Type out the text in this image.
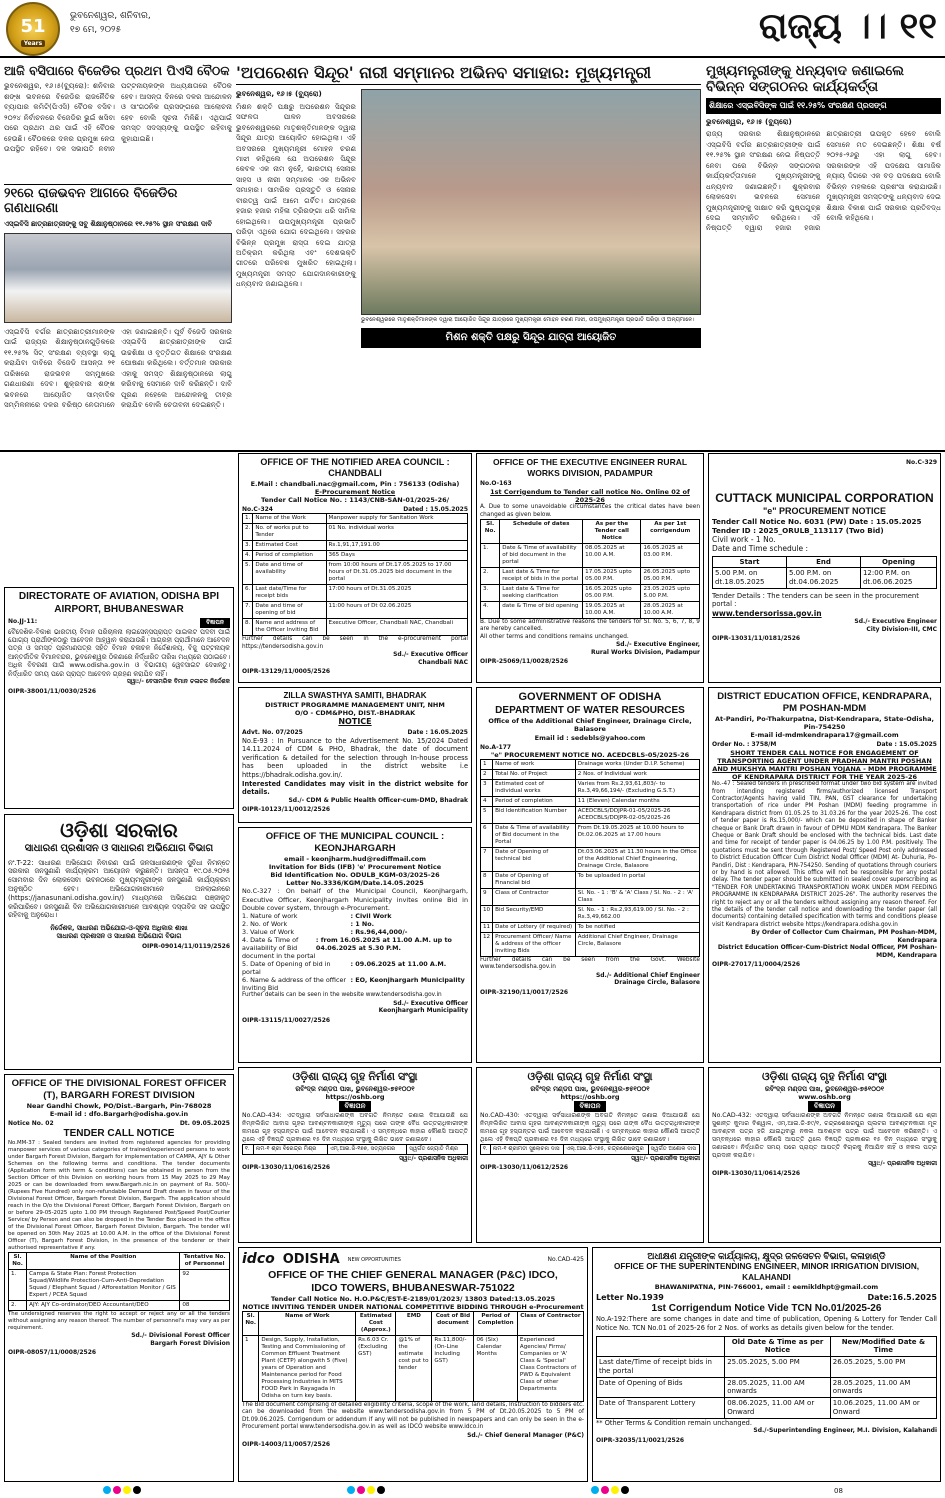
51
Years
ଭୁବନେଶ୍ୱର, ଶନିବାର,
୧୭ ମେ, ୨୦୨୫	ରାଜ୍ୟ ।। ୧୧
ଆଜି ବସିପାରେ ବିଜେଡିର ପ୍ରଥମ ପିଏସି ବୈଠକ

ଭୁବନେଶ୍ୱର, ୧୬।୫(ବ୍ୟୁରୋ): ଶନିବାର ଶଙ୍ଖ ଭବନରେ ବିଜେଡିର ରାଜନୈତିକ ବ୍ୟାପାର କମିଟି(ପିଏସି) ବୈଠକ ବସିବ। ୨୦୨୪ ନିର୍ବାଚନରେ ବିଜେଡିର ଭୁଇଁ ଖସିବା ପରେ ପ୍ରଥମ ଥର ପାଇଁ ଏହି ବୈଠକ ହେଉଛି। ବୈଠକରେ ଦଳର ପ୍ରମୁଖ ନେତା ଉପସ୍ଥିତ ରହିବେ। ଦଳ ସଭାପତି ନବୀନ ପଟ୍ଟନାୟକଙ୍କ ଅଧ୍ୟକ୍ଷତାରେ ବୈଠକ ହେବ। ଆସନ୍ତା ଦିନରେ ଦଳର ଆନ୍ଦୋଳନ ଓ ସାଂଗଠନିକ ପ୍ରସଙ୍ଗରେ ଆଲୋଚନା ହେବ ବୋଲି ସୂଚନା ମିଳିଛି। ଏଥିପାଇଁ ସମସ୍ତ ସଦସ୍ୟଙ୍କୁ ଉପସ୍ଥିତ ରହିବାକୁ କୁହାଯାଇଛି।

୨୧ରେ ରାଜଭବନ ଆଗରେ ବିଜେଡିର ଗଣଧାରଣା

ଏସ୍‌ଇବିସି ଛାତ୍ରଛାତ୍ରୀଙ୍କୁ ସବୁ ଶିକ୍ଷାନୁଷ୍ଠାନରେ ୧୧.୨୫% ସ୍ଥାନ ସଂରକ୍ଷଣ ଦାବି

ଏସ୍‌ଇବିସି ବର୍ଗର ଛାତ୍ରଛାତ୍ରୀମାନଙ୍କ ପାଇଁ ରାଜ୍ୟର ଶିକ୍ଷାନୁଷ୍ଠାନଗୁଡ଼ିକରେ ୧୧.୨୫% ସିଟ୍ ସଂରକ୍ଷଣ ବ୍ୟବସ୍ଥା ଲାଗୁ କରାଯିବା ଦାବିରେ ବିଜେଡି ଆସନ୍ତା ୨୧ ତାରିଖରେ ରାଜଭବନ ସମ୍ମୁଖରେ ଗଣଧାରଣା ଦେବ। ଶୁକ୍ରବାର ଶଙ୍ଖ ଭବନରେ ଆୟୋଜିତ ସାମ୍ବାଦିକ ସମ୍ମିଳନୀରେ ଦଳର ବରିଷ୍ଠ ନେତାମାନେ ଏହା ଜଣାଇଛନ୍ତି। ପୂର୍ବ ବିଜେଡି ସରକାର ଏସ୍‌ଇବିସି ଛାତ୍ରଛାତ୍ରୀଙ୍କ ପାଇଁ ଉଚ୍ଚଶିକ୍ଷା ଓ ବୃତ୍ତିଗତ ଶିକ୍ଷାରେ ସଂରକ୍ଷଣ ଘୋଷଣା କରିଥିଲେ। ବର୍ତ୍ତମାନ ସରକାର ଏହାକୁ ସମସ୍ତ ଶିକ୍ଷାନୁଷ୍ଠାନରେ ଲାଗୁ କରିବାକୁ ସେମାନେ ଦାବି କରିଛନ୍ତି। ଦାବି ପୂରଣ ନହେଲେ ଆନ୍ଦୋଳନକୁ ତୀବ୍ର କରାଯିବ ବୋଲି ଚେତାବନୀ ଦେଇଛନ୍ତି।

'ଅପରେଶନ ସିନ୍ଦୂର' ନାରୀ ସମ୍ମାନର ଅଭିନବ ସମାହାର: ମୁଖ୍ୟମନ୍ତ୍ରୀ

ଭୁବନେଶ୍ୱର, ୧୬।୫ (ବ୍ୟୁରୋ)

ମିଶନ ଶକ୍ତି ପକ୍ଷରୁ ଅପରେଶନ ସିନ୍ଦୂରର ସଫଳତା ପାଳନ ଅବସରରେ ଭୁବନେଶ୍ୱରରେ ମାତୃଶକ୍ତିମାନଙ୍କ ଦ୍ୱାରା ସିନ୍ଦୂର ଯାତ୍ରା ଆୟୋଜିତ ହୋଇଥିଲା। ଏହି ଅବସରରେ ମୁଖ୍ୟମନ୍ତ୍ରୀ ମୋହନ ଚରଣ ମାଝୀ କହିଥିଲେ ଯେ ଅପରେଶନ ସିନ୍ଦୂର କେବଳ ଏକ ନାମ ନୁହେଁ, ଭାରତୀୟ ସେନାର ସାହସ ଓ ନାରୀ ସମ୍ମାନର ଏକ ଅଭିନବ ସମାହାର। ସାମରିକ ପ୍ରସ୍ତୁତି ଓ ସେନାର ବୀରତ୍ୱ ପାଇଁ ଆମେ ଗର୍ବିତ। ଯାତ୍ରାରେ ହଜାର ହଜାର ମହିଳା ତ୍ରିରଙ୍ଗା ଧରି ସାମିଲ ହୋଇଥିଲେ। ଉପମୁଖ୍ୟମନ୍ତ୍ରୀ ପ୍ରଭାତି ପରିଡ଼ା ଏଥିରେ ଯୋଗ ଦେଇଥିଲେ। ସହରର ବିଭିନ୍ନ ପ୍ରମୁଖ ରାସ୍ତା ଦେଇ ଯାତ୍ରା ଅତିକ୍ରମ କରିଥିଲା ଏବଂ ଦେଶଭକ୍ତି ଗୀତରେ ପରିବେଶ ମୁଖରିତ ହୋଇଥିଲା। ମୁଖ୍ୟମନ୍ତ୍ରୀ ସମସ୍ତ ଯୋଗଦାନକାରୀଙ୍କୁ ଧନ୍ୟବାଦ ଜଣାଇଥିଲେ।

ଭୁବନେଶ୍ୱରରେ ମାତୃଶକ୍ତିମାନଙ୍କ ଦ୍ୱାରା ଆୟୋଜିତ ସିନ୍ଦୂର ଯାତ୍ରାରେ ମୁଖ୍ୟମନ୍ତ୍ରୀ ମୋହନ ଚରଣ ମାଝୀ, ଉପମୁଖ୍ୟମନ୍ତ୍ରୀ ପ୍ରଭାତି ପରିଡ଼ା ଓ ଅନ୍ୟମାନେ।

ମିଶନ ଶକ୍ତି ପକ୍ଷରୁ ସିନ୍ଦୂର ଯାତ୍ରା ଆୟୋଜିତ
ମୁଖ୍ୟମନ୍ତ୍ରୀଙ୍କୁ ଧନ୍ୟବାଦ ଜଣାଇଲେ ବିଭିନ୍ନ ସଙ୍ଗଠନର କାର୍ଯ୍ୟକର୍ତ୍ତା
ଶିକ୍ଷାରେ ଏସ୍‌ଇବିସିଙ୍କ ପାଇଁ ୧୧.୨୫% ସଂରକ୍ଷଣ ପ୍ରସଙ୍ଗ

ଭୁବନେଶ୍ୱର, ୧୬।୫ (ବ୍ୟୁରୋ)

ରାଜ୍ୟ ସରକାର ଶିକ୍ଷାନୁଷ୍ଠାନରେ ଏସ୍‌ଇବିସି ବର୍ଗର ଛାତ୍ରଛାତ୍ରୀଙ୍କ ପାଇଁ ୧୧.୨୫% ସ୍ଥାନ ସଂରକ୍ଷଣ ନେଇ ନିଷ୍ପତ୍ତି ନେବା ପରେ ବିଭିନ୍ନ ସଙ୍ଗଠନର କାର୍ଯ୍ୟକର୍ତ୍ତାମାନେ ମୁଖ୍ୟମନ୍ତ୍ରୀଙ୍କୁ ଧନ୍ୟବାଦ ଜଣାଇଛନ୍ତି। ଶୁକ୍ରବାର ଲୋକସେବା ଭବନରେ ସେମାନେ ମୁଖ୍ୟମନ୍ତ୍ରୀଙ୍କୁ ସାକ୍ଷାତ କରି ପୁଷ୍ପଗୁଚ୍ଛ ଦେଇ ସମ୍ମାନିତ କରିଥିଲେ। ଏହି ନିଷ୍ପତ୍ତି ଦ୍ୱାରା ହଜାର ହଜାର ଛାତ୍ରଛାତ୍ରୀ ଉପକୃତ ହେବେ ବୋଲି ସେମାନେ ମତ ଦେଇଛନ୍ତି। ଶିକ୍ଷା ବର୍ଷ ୨୦୨୫-୨୬ରୁ ଏହା ଲାଗୁ ହେବ। ସରକାରଙ୍କ ଏହି ପଦକ୍ଷେପ ସାମାଜିକ ନ୍ୟାୟ ଦିଗରେ ଏକ ବଡ଼ ପଦକ୍ଷେପ ବୋଲି ବିଭିନ୍ନ ମହଲରେ ପ୍ରଶଂସା କରାଯାଉଛି। ମୁଖ୍ୟମନ୍ତ୍ରୀ ସମସ୍ତଙ୍କୁ ଧନ୍ୟବାଦ ଦେଇ ଶିକ୍ଷାର ବିକାଶ ପାଇଁ ସରକାର ପ୍ରତିବଦ୍ଧ ବୋଲି କହିଥିଲେ।

OFFICE OF THE NOTIFIED AREA COUNCIL : CHANDBALI
E.Mail : chandbali.nac@gmail.com, Pin : 756133 (Odisha)
E-Procurement Notice
Tender Call Notice No. : 1143/CNB-SAN-01/2025-26/
No.C-324	Dated : 15.05.2025
1.	Name of the Work	Manpower supply for Sanitation Work
2.	No. of works put to Tender	01 No. individual works
3.	Estimated Cost	Rs.1,91,17,191.00
4.	Period of completion	365 Days
5.	Date and time of availability	from 10:00 hours of Dt.17.05.2025 to 17.00 hours of Dt.31.05.2025 bid document in the portal
6.	Last date/Time for receipt bids	17:00 hours of Dt.31.05.2025
7.	Date and time of opening of bid	11:00 hours of Dt 02.06.2025
8.	Name and address of the Officer Inviting Bid	Executive Officer, Chandbali NAC, Chandbali
Further details can be seen in the e-procurement portal https://tendersodisha.gov.in
Sd./- Executive Officer
Chandbali NAC
OIPR-13129/11/0005/2526
OFFICE OF THE EXECUTIVE ENGINEER RURAL WORKS DIVISION, PADAMPUR
No.O-163
1st Corrigendum to Tender call notice No. Online 02 of 2025-26
A. Due to some unavoidable circumstances the critical dates have been changed as given below.
Sl. No.	Schedule of dates	As per the Tender call Notice	As per 1st corrigendum
1.	Date & Time of availability of bid document in the portal	08.05.2025 at 10.00 A.M.	16.05.2025 at 03.00 P.M.
2.	Last date & Time for receipt of bids in the portal	17.05.2025 upto 05.00 P.M.	26.05.2025 upto 05.00 P.M.
3.	Last date & Time for seeking clarification	16.05.2025 upto 05.00 P.M.	23.05.2025 upto 5.00 P.M.
4.	date & Time of bid opening	19.05.2025 at 10.00 A.M.	28.05.2025 at 10.00 A.M.
B. Due to some administrative reasons the tenders for Sl. No. 5, 6, 7, 8, 9 are hereby cancelled.
All other terms and conditions remains unchanged.
Sd./- Executive Engineer,
Rural Works Division, Padampur
OIPR-25069/11/0028/2526
No.C-329
CUTTACK MUNICIPAL CORPORATION
"e" PROCUREMENT NOTICE
Tender Call Notice No. 6031 (PW) Date : 15.05.2025
Tender ID : 2025_ORULB_113117 (Two Bid)
Civil work - 1 No.
Date and Time schedule :
Start	End	Opening
5.00 P.M. on dt.18.05.2025	5.00 P.M. on dt.04.06.2025	12:00 P.M. on dt.06.06.2025
Tender Details : The tenders can be seen in the procurement portal :
www.tendersorissa.gov.in
Sd./- Executive Engineer
City Division-III, CMC
OIPR-13031/11/0181/2526
DIRECTORATE OF AVIATION, ODISHA BPI AIRPORT, BHUBANESWAR
No.JJ-11:	ବିଜ୍ଞାପନ
ବୈଦେଶିକ-ବିକାଶ ଭାରତୀୟ ବିମାନ ପରିଚାଳନା ଲାଇସେନ୍ସପ୍ରାପ୍ତ ପାଇଲଟ ପଦବୀ ପାଇଁ ଯୋଗ୍ୟ ପ୍ରାର୍ଥୀଙ୍କଠାରୁ ଆବେଦନ ଆହ୍ୱାନ କରାଯାଉଛି। ଆଗ୍ରହୀ ପ୍ରାର୍ଥୀମାନେ ଆବେଦନ ପତ୍ର ଓ ସମସ୍ତ ପ୍ରମାଣପତ୍ର ସହିତ ବିମାନ ଚଳାଚଳ ନିର୍ଦ୍ଦେଶାଳୟ, ବିଜୁ ପଟ୍ଟନାୟକ ଆନ୍ତର୍ଜାତିକ ବିମାନବନ୍ଦର, ଭୁବନେଶ୍ୱର ଠିକଣାରେ ନିର୍ଦ୍ଧାରିତ ତାରିଖ ମଧ୍ୟରେ ପଠାଇବେ। ଅଧିକ ବିବରଣୀ ପାଇଁ www.odisha.gov.in ଓ ବିଭାଗୀୟ ୱେବସାଇଟ ଦେଖନ୍ତୁ। ନିର୍ଦ୍ଧାରିତ ସମୟ ପରେ ପ୍ରାପ୍ତ ଆବେଦନ ଗ୍ରହଣ କରାଯିବ ନାହିଁ।
ସ୍ୱା:/- ବେସାମରିକ ବିମାନ ଚଳାଚଳ ନିର୍ଦ୍ଦେଶକ
OIPR-38001/11/0030/2526
ଓଡ଼ିଶା ସରକାର
ସାଧାରଣ ପ୍ରଶାସନ ଓ ସାଧାରଣ ଅଭିଯୋଗ ବିଭାଗ
ନଂ.T-22: ସାଧାରଣ ଅଭିଯୋଗ ନିବାରଣ ପାଇଁ ଜନସାଧାରଣଙ୍କ ସୁବିଧା ନିମନ୍ତେ ସରକାର ଜନସୁଣାଣି କାର୍ଯ୍ୟକ୍ରମ ଆୟୋଜନ କରୁଛନ୍ତି। ଆସନ୍ତା ୧୯.୦୫.୨୦୨୫ ସୋମବାର ଦିନ ଲୋକସେବା ଭବନଠାରେ ମୁଖ୍ୟମନ୍ତ୍ରୀଙ୍କ ଜନସୁଣାଣି କାର୍ଯ୍ୟକ୍ରମ ଅନୁଷ୍ଠିତ ହେବ। ଅଭିଯୋଗକାରୀମାନେ ଅନଲାଇନରେ (https://janasunani.odisha.gov.in/) ମାଧ୍ୟମରେ ଅଭିଯୋଗ ପଞ୍ଜୀକୃତ କରିପାରିବେ। ଜନସୁଣାଣି ଦିନ ଅଭିଯୋଗକାରୀମାନେ ଆବଶ୍ୟକ ଦସ୍ତାବିଜ ସହ ଉପସ୍ଥିତ ରହିବାକୁ ଅନୁରୋଧ।
ନିର୍ଦ୍ଦେଶକ, ସାଧାରଣ ଅଭିଯୋଗ-ଓ-ସୂଚନା ଅଧିକାର ଶାଖା
ସାଧାରଣ ପ୍ରଶାସନ ଓ ସାଧାରଣ ଅଭିଯୋଗ ବିଭାଗ
OIPR-09014/11/0119/2526
OFFICE OF THE DIVISIONAL FOREST OFFICER (T), BARGARH FOREST DIVISION
Near Gandhi Chowk, PO/Dist.-Bargarh, Pin-768028
E-mail id : dfo.Bargarh@odisha.gov.in
Notice No. 02	Dt. 09.05.2025
TENDER CALL NOTICE
No.MM-37 : Sealed tenders are invited from registered agencies for providing manpower services of various categories of trained/experienced persons to work under Bargarh Forest Division, Bargarh for implementation of CAMPA, AJY & Other Schemes on the following terms and conditions. The tender documents (Application form with term & conditions) can be obtained in person from the Section Officer of this Division on working hours from 15 May 2025 to 29 May 2025 or can be downloaded from www.Bargarh.nic.in on payment of Rs. 500/- (Rupees Five Hundred) only non-refundable Demand Draft drawn in favour of the Divisional Forest Officer, Bargarh Forest Division, Bargarh. The application should reach in the O/o the Divisional Forest Officer, Bargarh Forest Division, Bargarh on or before 29-05-2025 upto 1.00 PM through Registered Post/Speed Post/Courier Service/ by Person and can also be dropped in the Tender Box placed in the office of the Divisional Forest Officer, Bargarh Forest Division, Bargarh. The tender will be opened on 30th May 2025 at 10.00 A.M. in the office of the Divisional Forest Officer (T), Bargarh Forest Division, in the presence of the tenderer or their authorised representative if any.
Sl. No.	Name of the Position	Tentative No. of Personnel
1.	Campa & State Plan: Forest Protection Squad/Wildlife Protection-Cum-Anti-Depredation Squad / Elephant Squad / Afforestation Monitor / GIS Expert / PCEA Squad	92
2.	AJY: AJY Co-ordinator/DEO Accountant/DEO	08
The undersigned reserves the right to accept or reject any or all the tenders without assigning any reason thereof. The number of personnel's may vary as per requirement.
Sd./- Divisional Forest Officer
Bargarh Forest Division
OIPR-08057/11/0008/2526
ZILLA SWASTHYA SAMITI, BHADRAK
DISTRICT PROGRAMME MANAGEMENT UNIT, NHM
O/O - CDM&PHO, DIST.-BHADRAK
NOTICE
Advt. No. 07/2025	Date : 16.05.2025
No.E-93 : In Pursuance to the Advertisement No. 15/2024 Dated 14.11.2024 of CDM & PHO, Bhadrak, the date of document verification & detailed for the selection through In-house process has been uploaded in the district website i.e https://bhadrak.odisha.gov.in/.
Interested Candidates may visit in the district website for details.
Sd./- CDM & Public Health Officer-cum-DMD, Bhadrak
OIPR-10123/11/0012/2526
OFFICE OF THE MUNICIPAL COUNCIL : KEONJHARGARH
email - keonjharm.hud@rediffmail.com
Invitation for Bids (IFB) 'e' Procurement Notice
Bid Identification No. ODULB_KGM-03/2025-26
Letter No.3336/KGM/Date.14.05.2025
No.C-327 : On behalf of the Municipal Council, Keonjhargarh, Executive Officer, Keonjhargarh Municipality invites online Bid in Double cover system, through e-Procurement.
1. Nature of work	: Civil Work
2. No. of Work	: 1 No.
3. Value of Work	: Rs.96,44,000/-
4. Date & Time of availability of Bid document in the portal
: from 16.05.2025 at 11.00 A.M. up to 04.06.2025 at 5.30 P.M.
5. Date of Opening of bid in portal
: 09.06.2025 at 11.00 A.M.
6. Name & address of the officer Inviting Bid
: EO, Keonjhargarh Municipality
Further details can be seen in the website www.tendersodisha.gov.in
Sd./- Executive Officer
Keonjhargarh Municipality
OIPR-13115/11/0027/2526
GOVERNMENT OF ODISHA
DEPARTMENT OF WATER RESOURCES
Office of the Additional Chief Engineer, Drainage Circle, Balasore
Email id : sedebls@yahoo.com
No.A-177
"e" PROCUREMENT NOTICE NO. ACEDCBLS-05/2025-26
1	Name of work	Drainage works (Under D.I.P. Scheme)
2	Total No. of Project	2 Nos. of Individual work
3	Estimated cost of individual works	Varies from Rs.2,93,61,803/- to Rs.3,49,66,194/- (Excluding G.S.T.)
4	Period of completion	11 (Eleven) Calendar months
5	Bid Identification Number	ACEDCBLS/DDJPR-01-05/2025-26 ACEDCBLS/DDJPR-02-05/2025-26
6	Date & Time of availability of Bid document in the Portal	From Dt.19.05.2025 at 10.00 hours to Dt.02.06.2025 at 17.00 hours
7	Date of Opening of technical bid	Dt.03.06.2025 at 11.30 hours in the Office of the Additional Chief Engineering, Drainage Circle, Balasore
8	Date of Opening of Financial bid	To be uploaded in portal
9	Class of Contractor	Sl. No. - 1 : 'B' & 'A' Class / Sl. No. - 2 : 'A' Class
10	Bid Security/EMD	Sl. No. - 1 : Rs.2,93,619.00 / Sl. No. - 2 : Rs.3,49,662.00
11	Date of Lottery (if required)	To be notified
12	Procurement Officer/ Name & address of the officer inviting Bids	Additional Chief Engineer, Drainage Circle, Balasore
Further details can be seen from the Govt. Website www.tendersodisha.gov.in
Sd./- Additional Chief Engineer
Drainage Circle, Balasore
OIPR-32190/11/0017/2526
DISTRICT EDUCATION OFFICE, KENDRAPARA, PM POSHAN-MDM
At-Pandiri, Po-Thakurpatna, Dist-Kendrapara, State-Odisha, Pin-754250
E-mail id-mdmkendrapara17@gmail.com
Order No. : 3758/M	Date : 15.05.2025
SHORT TENDER CALL NOTICE FOR ENGAGEMENT OF TRANSPORTING AGENT UNDER PRADHAN MANTRI POSHAN AND MUKSHYA MANTRI POSHAN YOJANA - MDM PROGRAMME OF KENDRAPARA DISTRICT FOR THE YEAR 2025-26
No.-47 : Sealed tenders in prescribed format under two bid system are invited from intending registered firms/authorized licensed Transport Contractor/Agents having valid TIN, PAN, GST clearance for undertaking transportation of rice under PM Poshan (MDM) feeding programme in Kendrapara district from 01.05.25 to 31.03.26 for the year 2025-26. The cost of tender paper is Rs.15,000/- which can be deposited in shape of Banker cheque or Bank Draft drawn in favour of DPMU MDM Kendrapara. The Banker Cheque or Bank Draft should be enclosed with the technical bids. Last date and time for receipt of tender paper is 04.06.25 by 1.00 P.M. positively. The quotations must be sent through Registered Post/ Speed Post only addressed to District Education Officer Cum District Nodal Officer (MDM) At- Duhuria, Po-Pandiri, Dist : Kendrapara, PIN-754250. Sending of quotations through couriers or by hand is not allowed. This office will not be responsible for any postal delay. The tender paper should be submitted in sealed cover superscribing as "TENDER FOR UNDERTAKING TRANSPORTATION WORK UNDER MDM FEEDING PROGRAMME IN KENDRAPARA DISTRICT 2025-26". The authority reserves the right to reject any or all the tenders without assigning any reason thereof. For the details of the tender call notice and downloading the tender paper (all documents) containing detailed specification with terms and conditions please visit Kendrapara district website https://kendrapara.odisha.gov.in
By Order of Collector Cum Chairman, PM Poshan-MDM, Kendrapara
District Education Officer-Cum-District Nodal Officer, PM Poshan-MDM, Kendrapara
OIPR-27017/11/0004/2526
ଓଡ଼ିଶା ରାଜ୍ୟ ଗୃହ ନିର୍ମାଣ ସଂସ୍ଥା
ରବିଂଦ୍ର ମଣ୍ଡପ ପାଖ, ଭୁବନେଶ୍ୱର-୭୫୧୦୦୧
https://oshb.org
ବିଜ୍ଞାପନ
No.CAD-434: ଏତଦ୍ୱାରା ସର୍ବସାଧାରଣଙ୍କ ଅବଗତି ନିମନ୍ତେ ଜଣାଇ ଦିଆଯାଉଛି ଯେ ନିମ୍ନଲିଖିତ ଆବାସ ଗୃହର ଆବଣ୍ଟନକାରୀଙ୍କ ମୃତ୍ୟୁ ପରେ ତାଙ୍କ ବୈଧ ଉତ୍ତରାଧିକାରୀଙ୍କ ନାମରେ ଗୃହ ହସ୍ତାନ୍ତର ପାଇଁ ଆବେଦନ କରାଯାଇଛି। ଏ ସମ୍ବନ୍ଧରେ କାହାର କୌଣସି ଆପତ୍ତି ଥିଲେ ଏହି ବିଜ୍ଞପ୍ତି ପ୍ରକାଶର ୧୫ ଦିନ ମଧ୍ୟରେ ସଂସ୍ଥାକୁ ଲିଖିତ ଭାବେ ଜଣାଇବେ।
୧.	ନାମ-୧ ଶ୍ରୀ ବିରେନ୍ଦ୍ର ମିଶ୍ର	ଏମ୍‌.ଆଇ.ଜି-୧୭୭, ସତ୍ୟନଗର	ସ୍ୱର୍ଗତ ଜ୍ୟୋତି ମିଶ୍ର
ସ୍ୱା:/- ପ୍ରଶାସନିକ ଅଧିକାରୀ
OIPR-13030/11/0616/2526
ଓଡ଼ିଶା ରାଜ୍ୟ ଗୃହ ନିର୍ମାଣ ସଂସ୍ଥା
ରବିଂଦ୍ର ମଣ୍ଡପ ପାଖ, ଭୁବନେଶ୍ୱର-୭୫୧୦୦୧
https://oshb.org
ବିଜ୍ଞାପନ
No.CAD-430: ଏତଦ୍ୱାରା ସର୍ବସାଧାରଣଙ୍କ ଅବଗତି ନିମନ୍ତେ ଜଣାଇ ଦିଆଯାଉଛି ଯେ ନିମ୍ନଲିଖିତ ଆବାସ ଗୃହର ଆବଣ୍ଟନକାରୀଙ୍କ ମୃତ୍ୟୁ ପରେ ତାଙ୍କ ବୈଧ ଉତ୍ତରାଧିକାରୀଙ୍କ ନାମରେ ଗୃହ ହସ୍ତାନ୍ତର ପାଇଁ ଆବେଦନ କରାଯାଇଛି। ଏ ସମ୍ବନ୍ଧରେ କାହାର କୌଣସି ଆପତ୍ତି ଥିଲେ ଏହି ବିଜ୍ଞପ୍ତି ପ୍ରକାଶର ୧୫ ଦିନ ମଧ୍ୟରେ ସଂସ୍ଥାକୁ ଲିଖିତ ଭାବେ ଜଣାଇବେ।
୧.	ନାମ-୧ ଶ୍ରୀମତୀ ସୁଲୋଚନା ଦାସ	ଏଲ୍‌.ଆଇ.ଜି-୯୭୫, ଚନ୍ଦ୍ରଶେଖରପୁର	ସ୍ୱର୍ଗତ ଅଶୋକ ଦାସ
ସ୍ୱା:/- ପ୍ରଶାସନିକ ଅଧିକାରୀ
OIPR-13030/11/0612/2526
ଓଡ଼ିଶା ରାଜ୍ୟ ଗୃହ ନିର୍ମାଣ ସଂସ୍ଥା
ରବିଂଦ୍ର ମଣ୍ଡପ ପାଖ, ଭୁବନେଶ୍ୱର-୭୫୧୦୦୧
www.oshb.org
ବିଜ୍ଞାପନ
No.CAD-432: ଏତଦ୍ୱାରା ସର୍ବସାଧାରଣଙ୍କ ଅବଗତି ନିମନ୍ତେ ଜଣାଇ ଦିଆଯାଉଛି ଯେ ଶ୍ରୀ ସୁଶାନ୍ତ କୁମାର ବିଶ୍ୱାଳ, ଏମ୍‌.ଆଇ.ଜି-୭୯/୧, ଚନ୍ଦ୍ରଶେଖରପୁର ପ୍ଲଟର ଆବଣ୍ଟନକାରୀ ମୂଳ ଆବଣ୍ଟନ ପତ୍ର ହଜି ଯାଇଥିବାରୁ ନକଲ ଆବଣ୍ଟନ ପତ୍ର ପାଇଁ ଆବେଦନ କରିଛନ୍ତି। ଏ ସମ୍ବନ୍ଧରେ କାହାର କୌଣସି ଆପତ୍ତି ଥିଲେ ବିଜ୍ଞପ୍ତି ପ୍ରକାଶର ୧୫ ଦିନ ମଧ୍ୟରେ ସଂସ୍ଥାକୁ ଜଣାଇବେ। ନିର୍ଦ୍ଧାରିତ ସମୟ ପରେ ପ୍ରାପ୍ତ ଆପତ୍ତି ବିଚାରକୁ ନିଆଯିବ ନାହିଁ ଓ ନକଲ ପତ୍ର ପ୍ରଦାନ କରାଯିବ।
ସ୍ୱା:/- ପ୍ରଶାସନିକ ଅଧିକାରୀ
OIPR-13030/11/0614/2526
idco ODISHA NEW OPPORTUNITIES	No.CAD-425
OFFICE OF THE CHIEF GENERAL MANAGER (P&C) IDCO,
IDCO TOWERS, BHUBANESWAR-751022
Tender Call Notice No. H.O.P&C/EST-E-2189/01/2023/ 13803 Dated:13.05.2025
NOTICE INVITING TENDER UNDER NATIONAL COMPETITIVE BIDDING THROUGH e-Procurement
Sl. No.	Name of Work	Estimated Cost (Approx.)	EMD	Cost of Bid document	Period of Completion	Class of Contractor
1	Design, Supply, Installation, Testing and Commissioning of Common Effluent Treatment Plant (CETP) alongwith 5 (Five) years of Operation and Maintenance period for Food Processing Industries in MITS FOOD Park in Rayagada in Odisha on turn key basis.	Rs.6.03 Cr. (Excluding GST)	@1% of the estimate cost put to tender	Rs.11,800/- (On-Line including GST)	06 (Six) Calendar Months	Experienced Agencies/ Firms/ Companies or 'A' Class & 'Special' Class Contractors of PWD & Equivalent Class of other Departments
The Bid document comprising of detailed eligibility criteria, scope of the work, land details, Instruction to bidders etc. can be downloaded from the website www.tendersodisha.gov.in from 5 PM of Dt.20.05.2025 to 5 PM of Dt.09.06.2025. Corrigendum or addendum if any will not be published in newspapers and can only be seen in the e-Procurement portal www.tendersodisha.gov.in as well as IDCO website www.idco.in
Sd./- Chief General Manager (P&C)
OIPR-14003/11/0057/2526
ଅଧୀକ୍ଷଣ ଯନ୍ତ୍ରୀଙ୍କ କାର୍ଯ୍ୟାଳୟ, କ୍ଷୁଦ୍ର ଜଳସେଚନ ବିଭାଗ, କଳାହାଣ୍ଡି
OFFICE OF THE SUPERINTENDING ENGINEER, MINOR IRRIGATION DIVISION, KALAHANDI
BHAWANIPATNA, PIN-766001, email : eemikldhpt@gmail.com
Letter No.1939	Date:16.5.2025
1st Corrigendum Notice Vide TCN No.01/2025-26
No.A-192:There are some changes in date and time of publication, Opening & Lottery for Tender Call Notice No. TCN No.01 of 2025-26 for 2 Nos. of works as details given below for the tender.
	Old Date & Time as per Notice	New/Modified Date & Time
Last date/Time of receipt bids in the portal	25.05.2025, 5.00 PM	26.05.2025, 5.00 PM
Date of Opening of Bids	28.05.2025, 11.00 AM onwards	28.05.2025, 11.00 AM onwards
Date of Transparent Lottery	08.06.2025, 11.00 AM or Onward	10.06.2025, 11.00 AM or Onward
** Other Terms & Condition remain unchanged.
Sd./-Superintending Engineer, M.I. Division, Kalahandi
OIPR-32035/11/0021/2526
08
